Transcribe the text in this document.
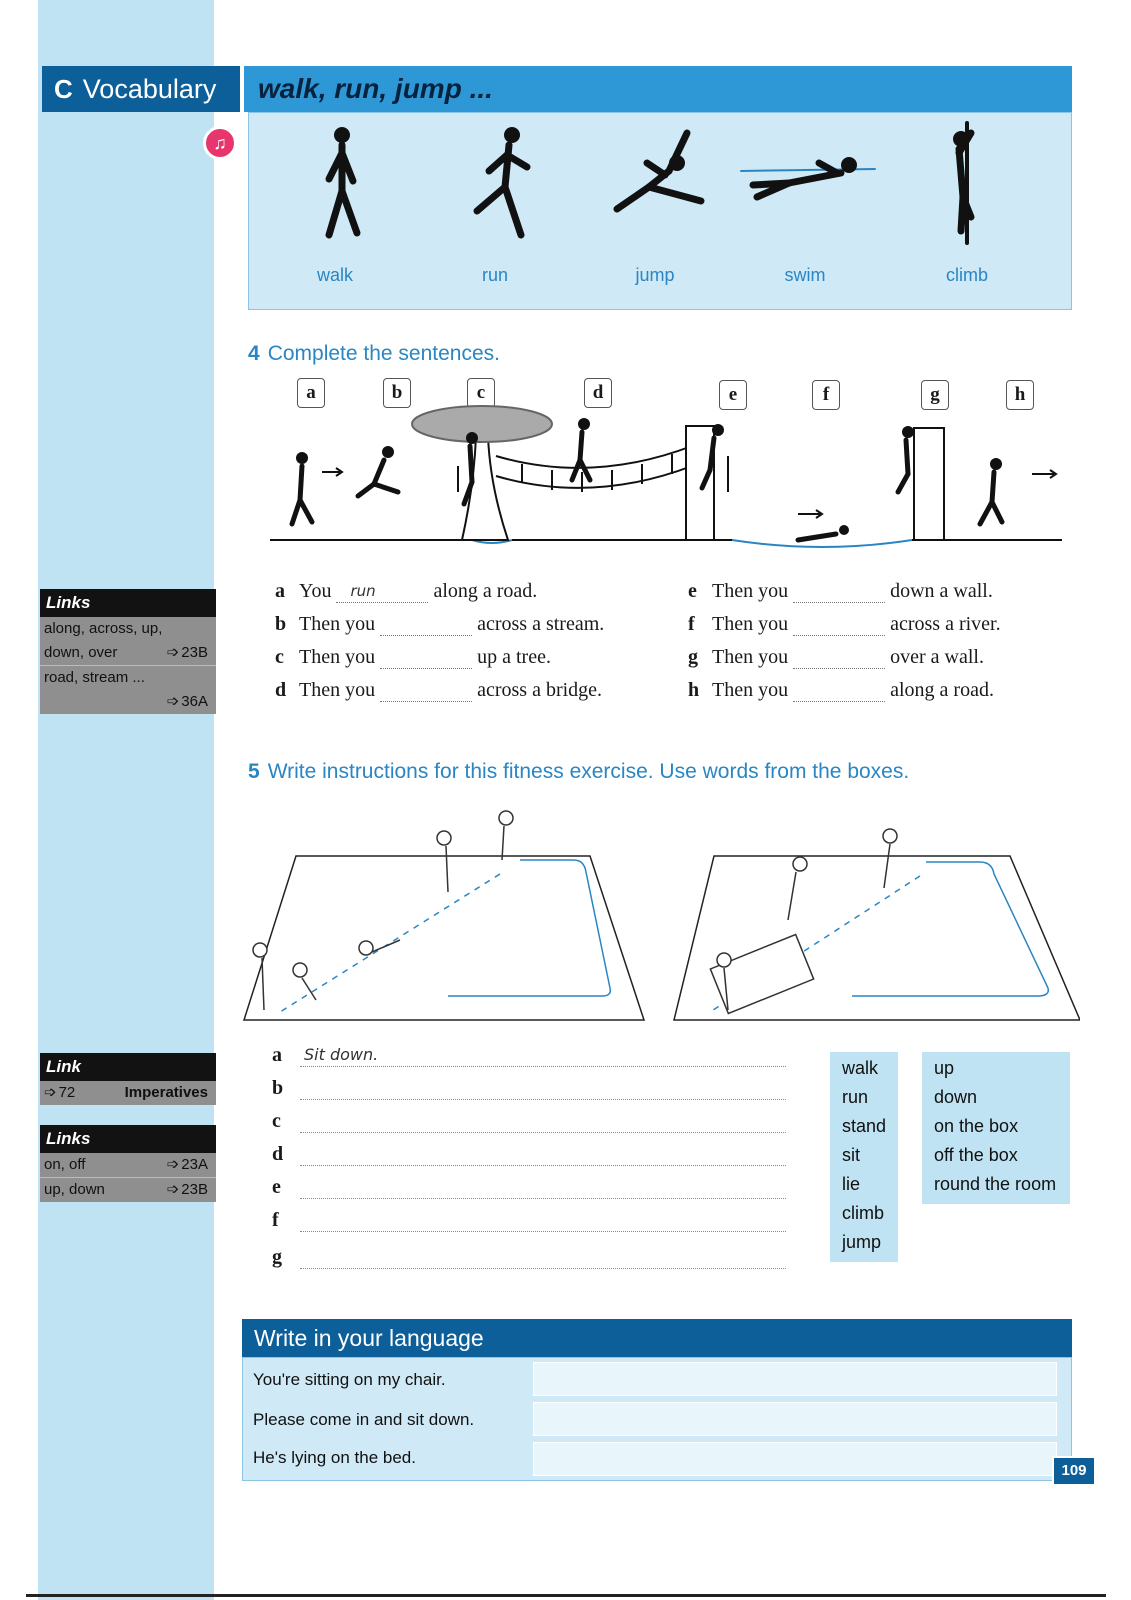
C Vocabulary	walk, run, jump ...
♫
walk	run	jump	swim	climb
4 Complete the sentences.
a	b	c	d	e	f	g	h
a You run	along a road.
b Then you	across a stream.
c Then you	up a tree.
d Then you	across a bridge.
e Then you	down a wall.
f Then you	across a river.
g Then you	over a wall.
h Then you	along a road.
Links
along, across, up,
down, over	➩ 23B
road, stream ...
➩ 36A
Link
➩ 72	Imperatives
Links
on, off	➩ 23A
up, down	➩ 23B
5 Write instructions for this fitness exercise. Use words from the boxes.
a	Sit down.
b
c
d
e
f
g
walk
run
stand
sit
lie
climb
jump
up
down
on the box
off the box
round the room
Write in your language
You're sitting on my chair.
Please come in and sit down.
He's lying on the bed.
109
